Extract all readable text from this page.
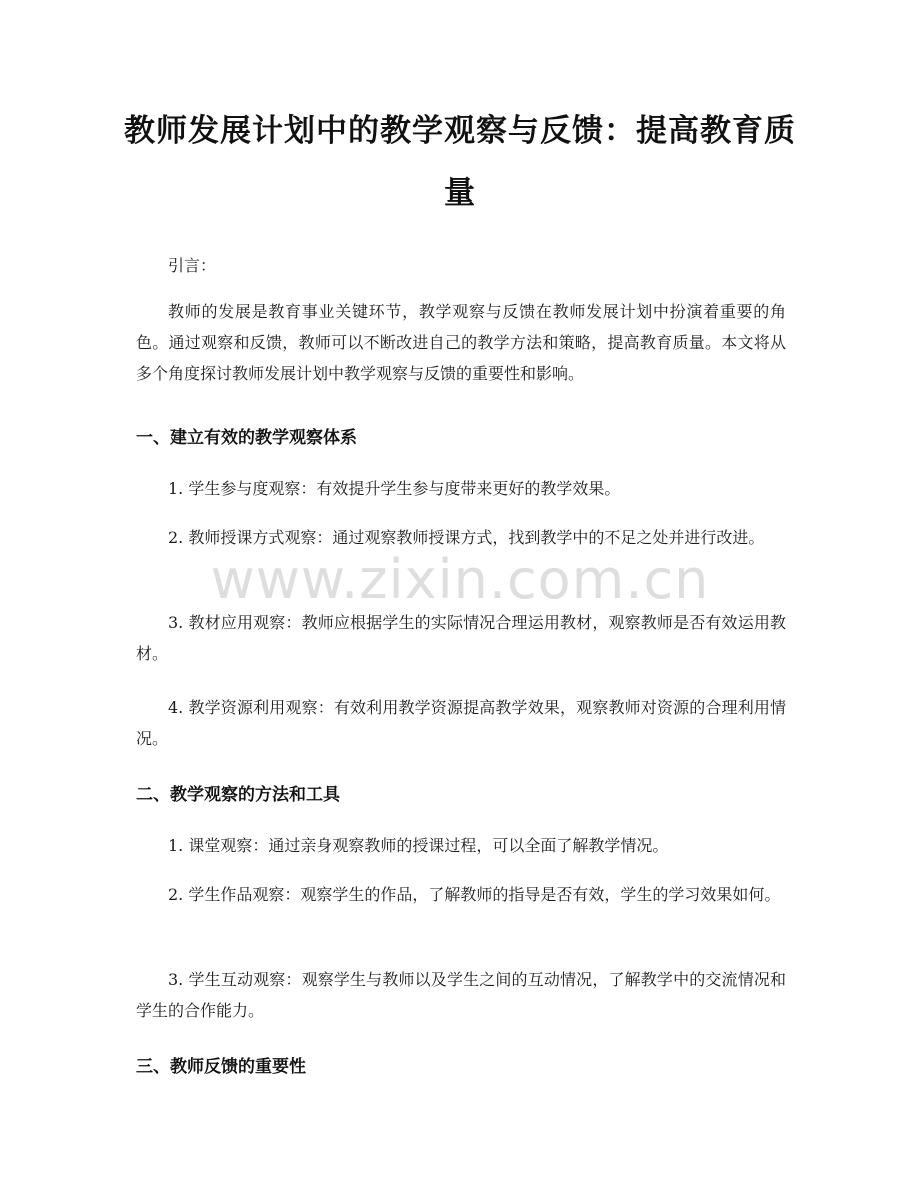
教师发展计划中的教学观察与反馈：提高教育质量
引言：
教师的发展是教育事业关键环节，教学观察与反馈在教师发展计划中扮演着重要的角色。通过观察和反馈，教师可以不断改进自己的教学方法和策略，提高教育质量。本文将从多个角度探讨教师发展计划中教学观察与反馈的重要性和影响。
一、建立有效的教学观察体系
1. 学生参与度观察：有效提升学生参与度带来更好的教学效果。
2. 教师授课方式观察：通过观察教师授课方式，找到教学中的不足之处并进行改进。
3. 教材应用观察：教师应根据学生的实际情况合理运用教材，观察教师是否有效运用教材。
4. 教学资源利用观察：有效利用教学资源提高教学效果，观察教师对资源的合理利用情况。
二、教学观察的方法和工具
1. 课堂观察：通过亲身观察教师的授课过程，可以全面了解教学情况。
2. 学生作品观察：观察学生的作品，了解教师的指导是否有效，学生的学习效果如何。
3. 学生互动观察：观察学生与教师以及学生之间的互动情况，了解教学中的交流情况和学生的合作能力。
三、教师反馈的重要性
www.zixin.com.cn
